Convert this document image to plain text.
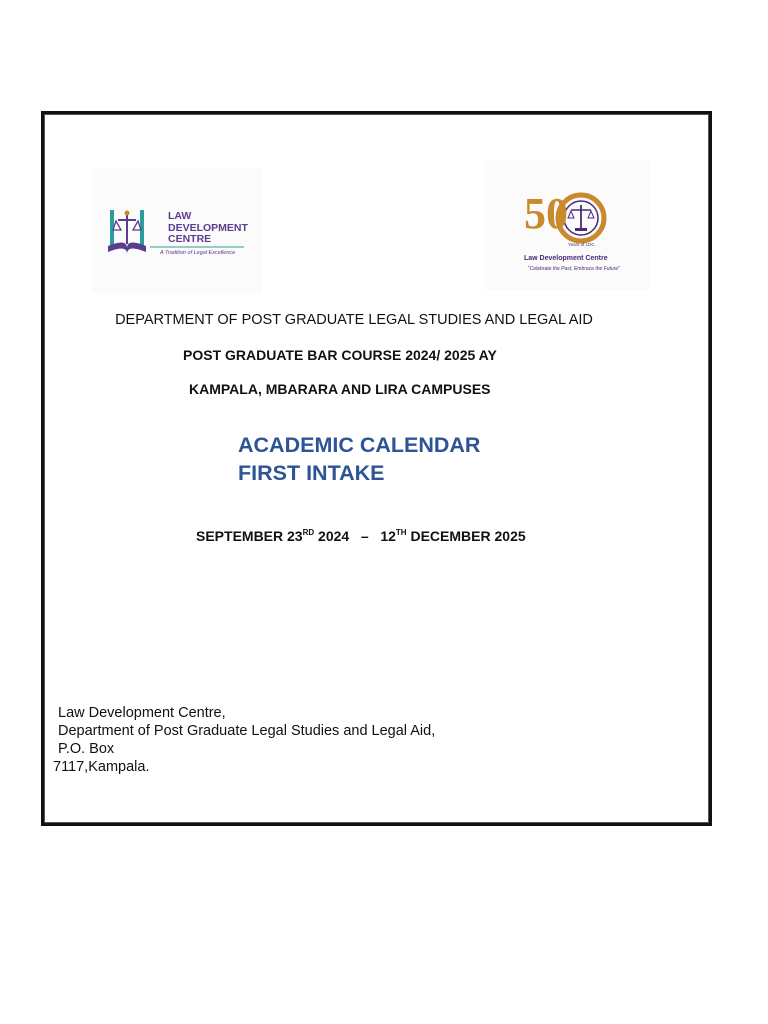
LAW
DEVELOPMENT
CENTRE
A Tradition of Legal Excellence
50
Years of LDC
Law Development Centre
"Celebrate the Past, Embrace the Future"
DEPARTMENT OF POST GRADUATE LEGAL STUDIES AND LEGAL AID
POST GRADUATE BAR COURSE 2024/ 2025 AY
KAMPALA, MBARARA AND LIRA CAMPUSES
ACADEMIC CALENDAR
FIRST INTAKE
SEPTEMBER 23RD 2024 – 12TH DECEMBER 2025
Law Development Centre,
Department of Post Graduate Legal Studies and Legal Aid,
P.O. Box
7117,Kampala.
